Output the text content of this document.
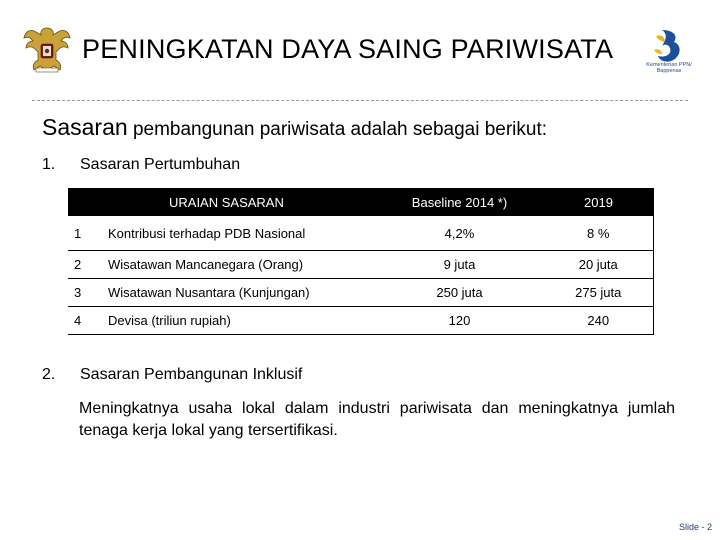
PENINGKATAN DAYA SAING PARIWISATA
Kementerian PPN/ Bappenas
Sasaran pembangunan pariwisata adalah sebagai berikut:
1. Sasaran Pertumbuhan
URAIAN SASARAN		Baseline 2014 *)	2019
1	Kontribusi terhadap PDB Nasional	4,2%	8 %
2	Wisatawan Mancanegara (Orang)	9 juta	20 juta
3	Wisatawan Nusantara (Kunjungan)	250 juta	275 juta
4	Devisa (triliun rupiah)	120	240
2. Sasaran Pembangunan Inklusif
Meningkatnya usaha lokal dalam industri pariwisata dan meningkatnya jumlah tenaga kerja lokal yang tersertifikasi.
Slide - 2
